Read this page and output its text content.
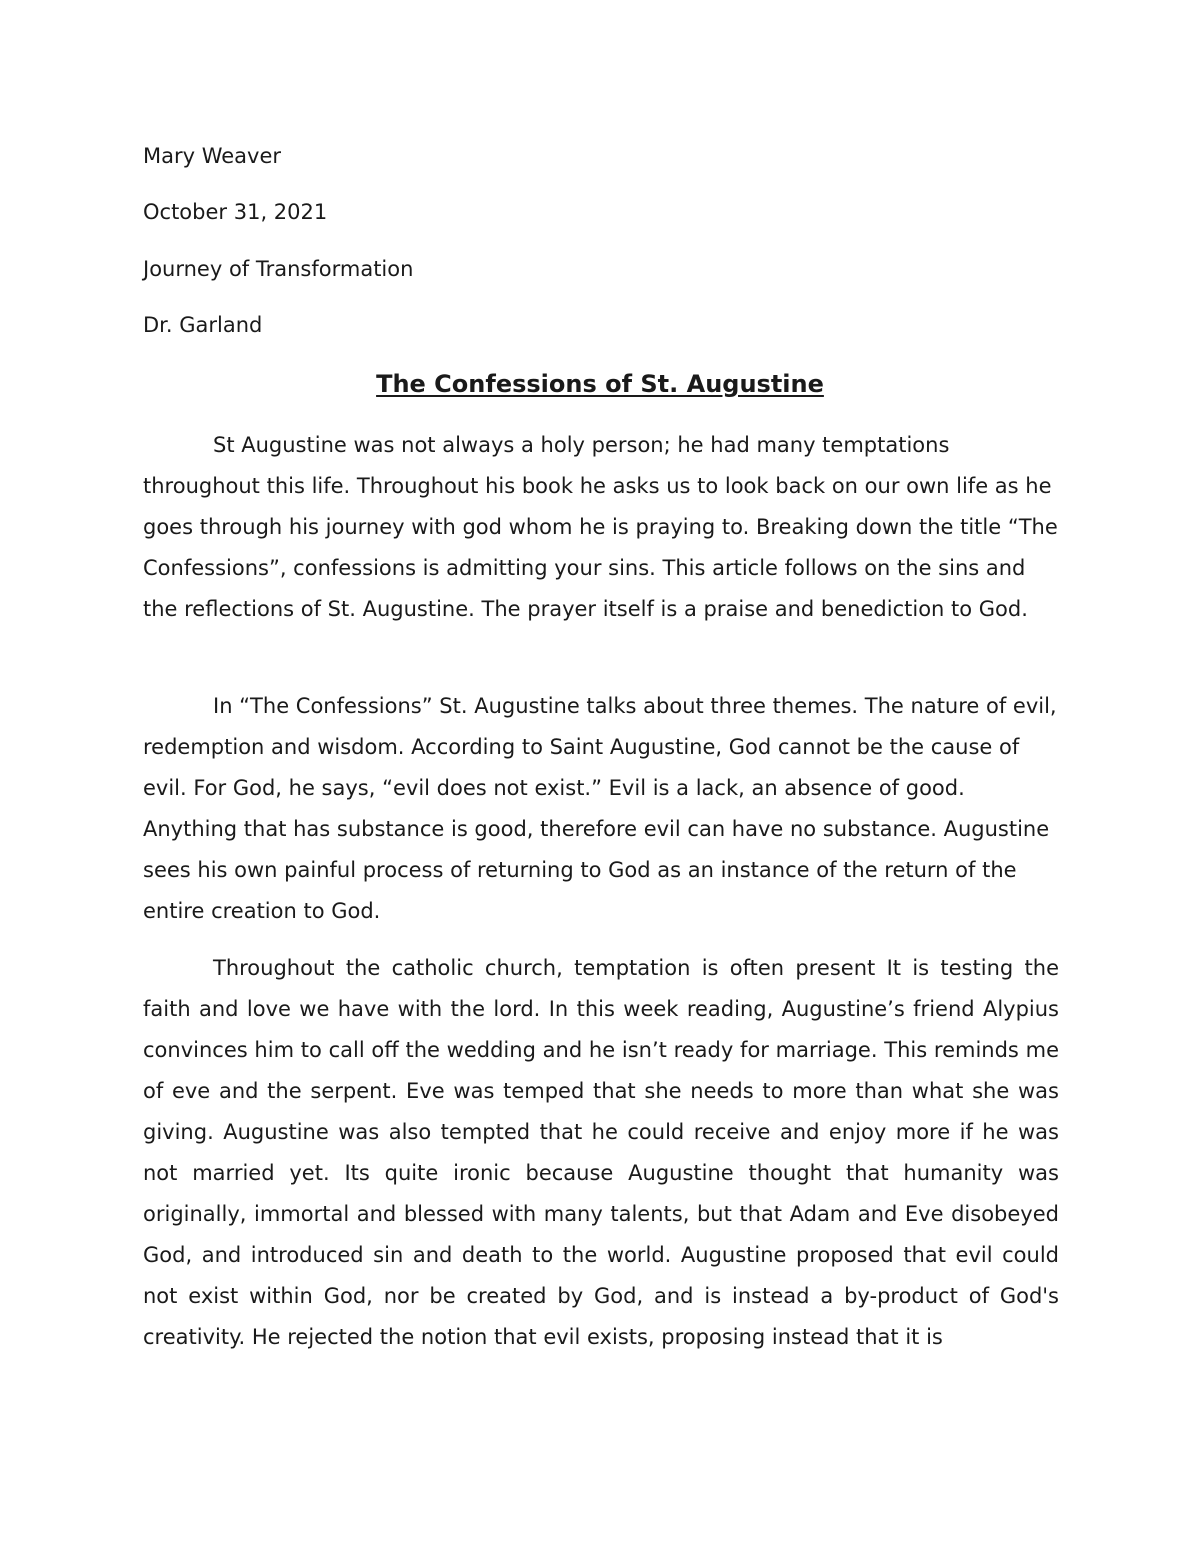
Mary Weaver
October 31, 2021
Journey of Transformation
Dr. Garland
The Confessions of St. Augustine

St Augustine was not always a holy person; he had many temptations throughout this life. Throughout his book he asks us to look back on our own life as he goes through his journey with god whom he is praying to. Breaking down the title “The Confessions”, confessions is admitting your sins. This article follows on the sins and the reflections of St. Augustine. The prayer itself is a praise and benediction to God.

In “The Confessions” St. Augustine talks about three themes. The nature of evil, redemption and wisdom. According to Saint Augustine, God cannot be the cause of evil. For God, he says, “evil does not exist.” Evil is a lack, an absence of good. Anything that has substance is good, therefore evil can have no substance. Augustine sees his own painful process of returning to God as an instance of the return of the entire creation to God.

Throughout the catholic church, temptation is often present It is testing the faith and love we have with the lord. In this week reading, Augustine’s friend Alypius convinces him to call off the wedding and he isn’t ready for marriage. This reminds me of eve and the serpent. Eve was temped that she needs to more than what she was giving. Augustine was also tempted that he could receive and enjoy more if he was not married yet. Its quite ironic because Augustine thought that humanity was originally, immortal and blessed with many talents, but that Adam and Eve disobeyed God, and introduced sin and death to the world. Augustine proposed that evil could not exist within God, nor be created by God, and is instead a by-product of God's creativity. He rejected the notion that evil exists, proposing instead that it is
